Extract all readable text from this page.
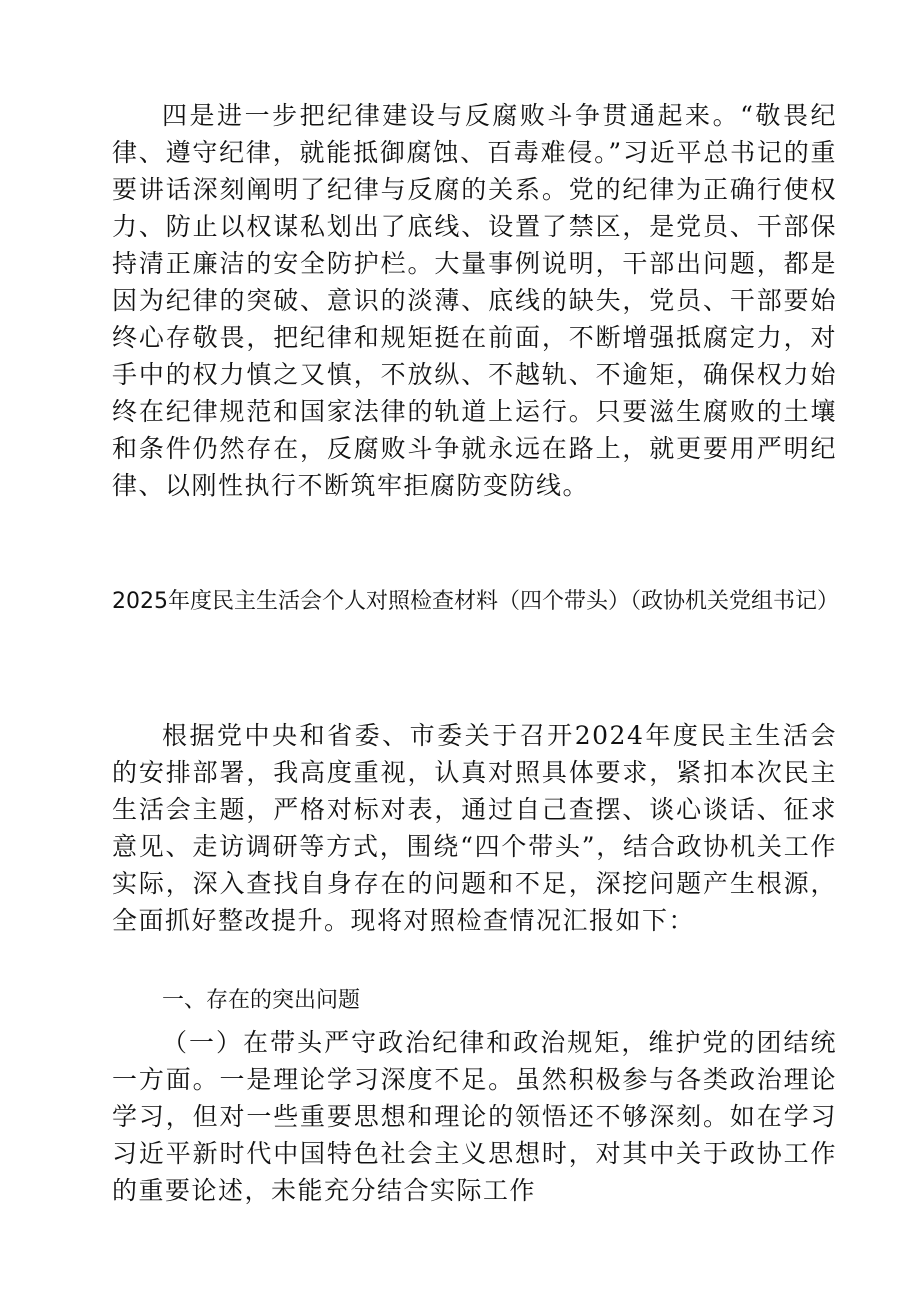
四是进一步把纪律建设与反腐败斗争贯通起来。“敬畏纪律、遵守纪律，就能抵御腐蚀、百毒难侵。”习近平总书记的重要讲话深刻阐明了纪律与反腐的关系。党的纪律为正确行使权力、防止以权谋私划出了底线、设置了禁区，是党员、干部保持清正廉洁的安全防护栏。大量事例说明，干部出问题，都是因为纪律的突破、意识的淡薄、底线的缺失，党员、干部要始终心存敬畏，把纪律和规矩挺在前面，不断增强抵腐定力，对手中的权力慎之又慎，不放纵、不越轨、不逾矩，确保权力始终在纪律规范和国家法律的轨道上运行。只要滋生腐败的土壤和条件仍然存在，反腐败斗争就永远在路上，就更要用严明纪律、以刚性执行不断筑牢拒腐防变防线。

2025年度民主生活会个人对照检查材料（四个带头）（政协机关党组书记）

根据党中央和省委、市委关于召开2024年度民主生活会的安排部署，我高度重视，认真对照具体要求，紧扣本次民主生活会主题，严格对标对表，通过自己查摆、谈心谈话、征求意见、走访调研等方式，围绕“四个带头”，结合政协机关工作实际，深入查找自身存在的问题和不足，深挖问题产生根源，全面抓好整改提升。现将对照检查情况汇报如下：

一、存在的突出问题

（一）在带头严守政治纪律和政治规矩，维护党的团结统一方面。一是理论学习深度不足。虽然积极参与各类政治理论学习，但对一些重要思想和理论的领悟还不够深刻。如在学习习近平新时代中国特色社会主义思想时，对其中关于政协工作的重要论述，未能充分结合实际工作
